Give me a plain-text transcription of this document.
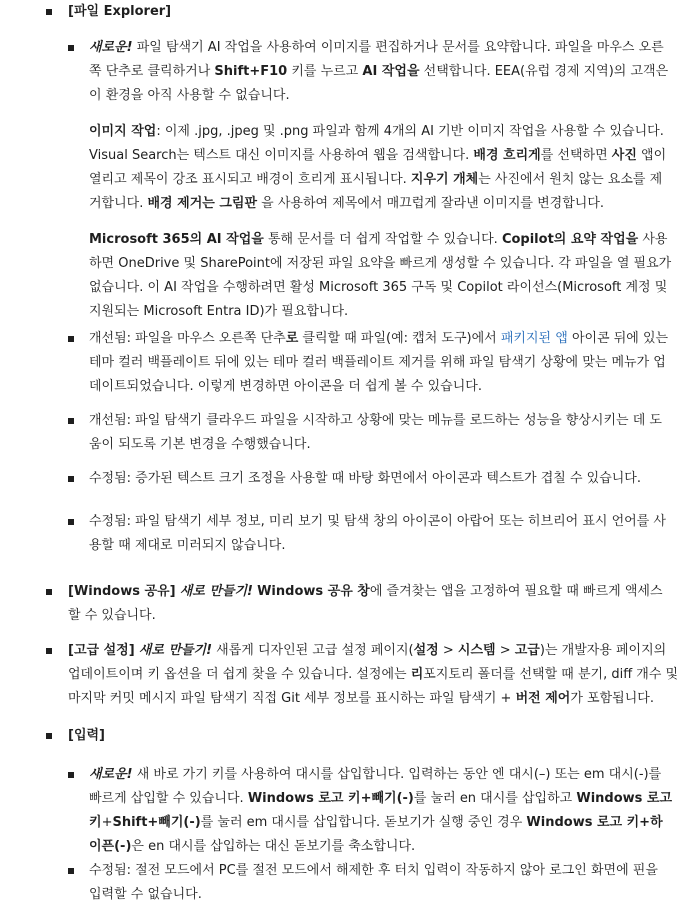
[파일 Explorer]

새로운! 파일 탐색기 AI 작업을 사용하여 이미지를 편집하거나 문서를 요약합니다. 파일을 마우스 오른쪽 단추로 클릭하거나 Shift+F10 키를 누르고 AI 작업을 선택합니다. EEA(유럽 경제 지역)의 고객은 이 환경을 아직 사용할 수 없습니다.

이미지 작업: 이제 .jpg, .jpeg 및 .png 파일과 함께 4개의 AI 기반 이미지 작업을 사용할 수 있습니다. Visual Search는 텍스트 대신 이미지를 사용하여 웹을 검색합니다. 배경 흐리게를 선택하면 사진 앱이 열리고 제목이 강조 표시되고 배경이 흐리게 표시됩니다. 지우기 개체는 사진에서 원치 않는 요소를 제거합니다. 배경 제거는 그림판 을 사용하여 제목에서 매끄럽게 잘라낸 이미지를 변경합니다.

Microsoft 365의 AI 작업을 통해 문서를 더 쉽게 작업할 수 있습니다. Copilot의 요약 작업을 사용하면 OneDrive 및 SharePoint에 저장된 파일 요약을 빠르게 생성할 수 있습니다. 각 파일을 열 필요가 없습니다. 이 AI 작업을 수행하려면 활성 Microsoft 365 구독 및 Copilot 라이선스(Microsoft 계정 및 지원되는 Microsoft Entra ID)가 필요합니다.

개선됨: 파일을 마우스 오른쪽 단추로 클릭할 때 파일(예: 캡처 도구)에서 패키지된 앱 아이콘 뒤에 있는 테마 컬러 백플레이트 뒤에 있는 테마 컬러 백플레이트 제거를 위해 파일 탐색기 상황에 맞는 메뉴가 업데이트되었습니다. 이렇게 변경하면 아이콘을 더 쉽게 볼 수 있습니다.

개선됨: 파일 탐색기 클라우드 파일을 시작하고 상황에 맞는 메뉴를 로드하는 성능을 향상시키는 데 도움이 되도록 기본 변경을 수행했습니다.

수정됨: 증가된 텍스트 크기 조정을 사용할 때 바탕 화면에서 아이콘과 텍스트가 겹칠 수 있습니다.

수정됨: 파일 탐색기 세부 정보, 미리 보기 및 탐색 창의 아이콘이 아랍어 또는 히브리어 표시 언어를 사용할 때 제대로 미러되지 않습니다.

[Windows 공유] 새로 만들기! Windows 공유 창에 즐겨찾는 앱을 고정하여 필요할 때 빠르게 액세스할 수 있습니다.

[고급 설정] 새로 만들기! 새롭게 디자인된 고급 설정 페이지(설정 > 시스템 > 고급)는 개발자용 페이지의 업데이트이며 키 옵션을 더 쉽게 찾을 수 있습니다. 설정에는 리포지토리 폴더를 선택할 때 분기, diff 개수 및 마지막 커밋 메시지 파일 탐색기 직접 Git 세부 정보를 표시하는 파일 탐색기 + 버전 제어가 포함됩니다.

[입력]

새로운! 새 바로 가기 키를 사용하여 대시를 삽입합니다. 입력하는 동안 엔 대시(–) 또는 em 대시(-)를 빠르게 삽입할 수 있습니다. Windows 로고 키+빼기(-)를 눌러 en 대시를 삽입하고 Windows 로고 키+Shift+빼기(-)를 눌러 em 대시를 삽입합니다. 돋보기가 실행 중인 경우 Windows 로고 키+하이픈(-)은 en 대시를 삽입하는 대신 돋보기를 축소합니다.

수정됨: 절전 모드에서 PC를 절전 모드에서 해제한 후 터치 입력이 작동하지 않아 로그인 화면에 핀을 입력할 수 없습니다.
